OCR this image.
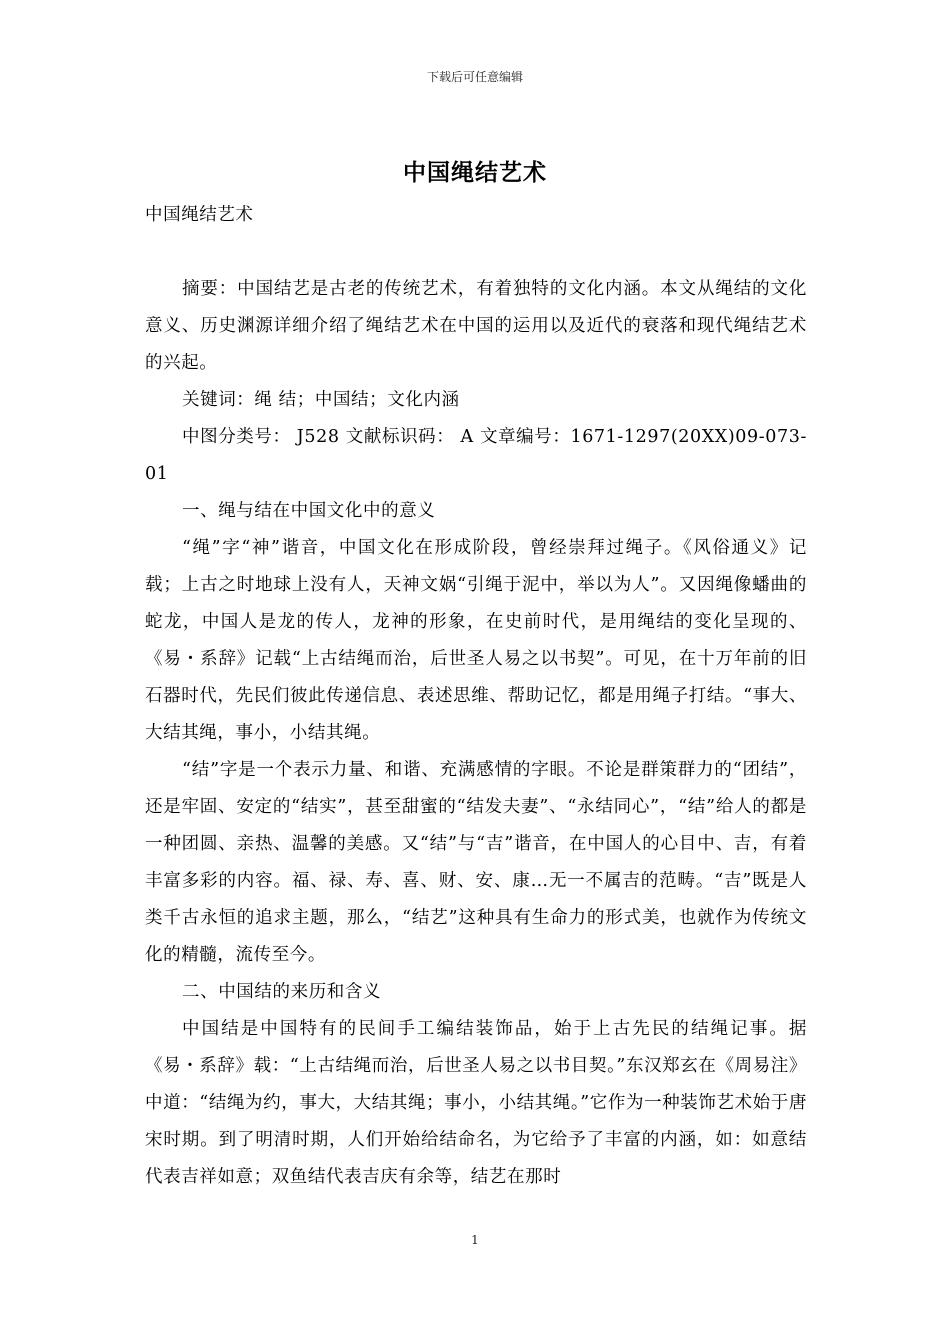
下载后可任意编辑
中国绳结艺术

中国绳结艺术

摘要：中国结艺是古老的传统艺术，有着独特的文化内涵。本文从绳结的文化意义、历史渊源详细介绍了绳结艺术在中国的运用以及近代的衰落和现代绳结艺术的兴起。

关键词：绳 结；中国结；文化内涵

中图分类号： J528 文献标识码： A 文章编号：1671-1297(20XX)09-073-01

一、绳与结在中国文化中的意义

“绳”字“神”谐音，中国文化在形成阶段，曾经崇拜过绳子。《风俗通义》记载；上古之时地球上没有人，天神文娲“引绳于泥中，举以为人”。又因绳像蟠曲的蛇龙，中国人是龙的传人，龙神的形象，在史前时代，是用绳结的变化呈现的、《易・系辞》记载“上古结绳而治，后世圣人易之以书契”。可见，在十万年前的旧石器时代，先民们彼此传递信息、表述思维、帮助记忆，都是用绳子打结。“事大、大结其绳，事小，小结其绳。

“结”字是一个表示力量、和谐、充满感情的字眼。不论是群策群力的“团结”，还是牢固、安定的“结实”，甚至甜蜜的“结发夫妻”、“永结同心”，“结”给人的都是一种团圆、亲热、温馨的美感。又“结”与“吉”谐音，在中国人的心目中、吉，有着丰富多彩的内容。福、禄、寿、喜、财、安、康…无一不属吉的范畴。“吉”既是人类千古永恒的追求主题，那么，“结艺”这种具有生命力的形式美，也就作为传统文化的精髓，流传至今。

二、中国结的来历和含义

中国结是中国特有的民间手工编结装饰品，始于上古先民的结绳记事。据《易・系辞》载：“上古结绳而治，后世圣人易之以书目契。”东汉郑玄在《周易注》中道：“结绳为约，事大，大结其绳；事小，小结其绳。”它作为一种装饰艺术始于唐宋时期。到了明清时期，人们开始给结命名，为它给予了丰富的内涵，如：如意结代表吉祥如意；双鱼结代表吉庆有余等，结艺在那时

1
